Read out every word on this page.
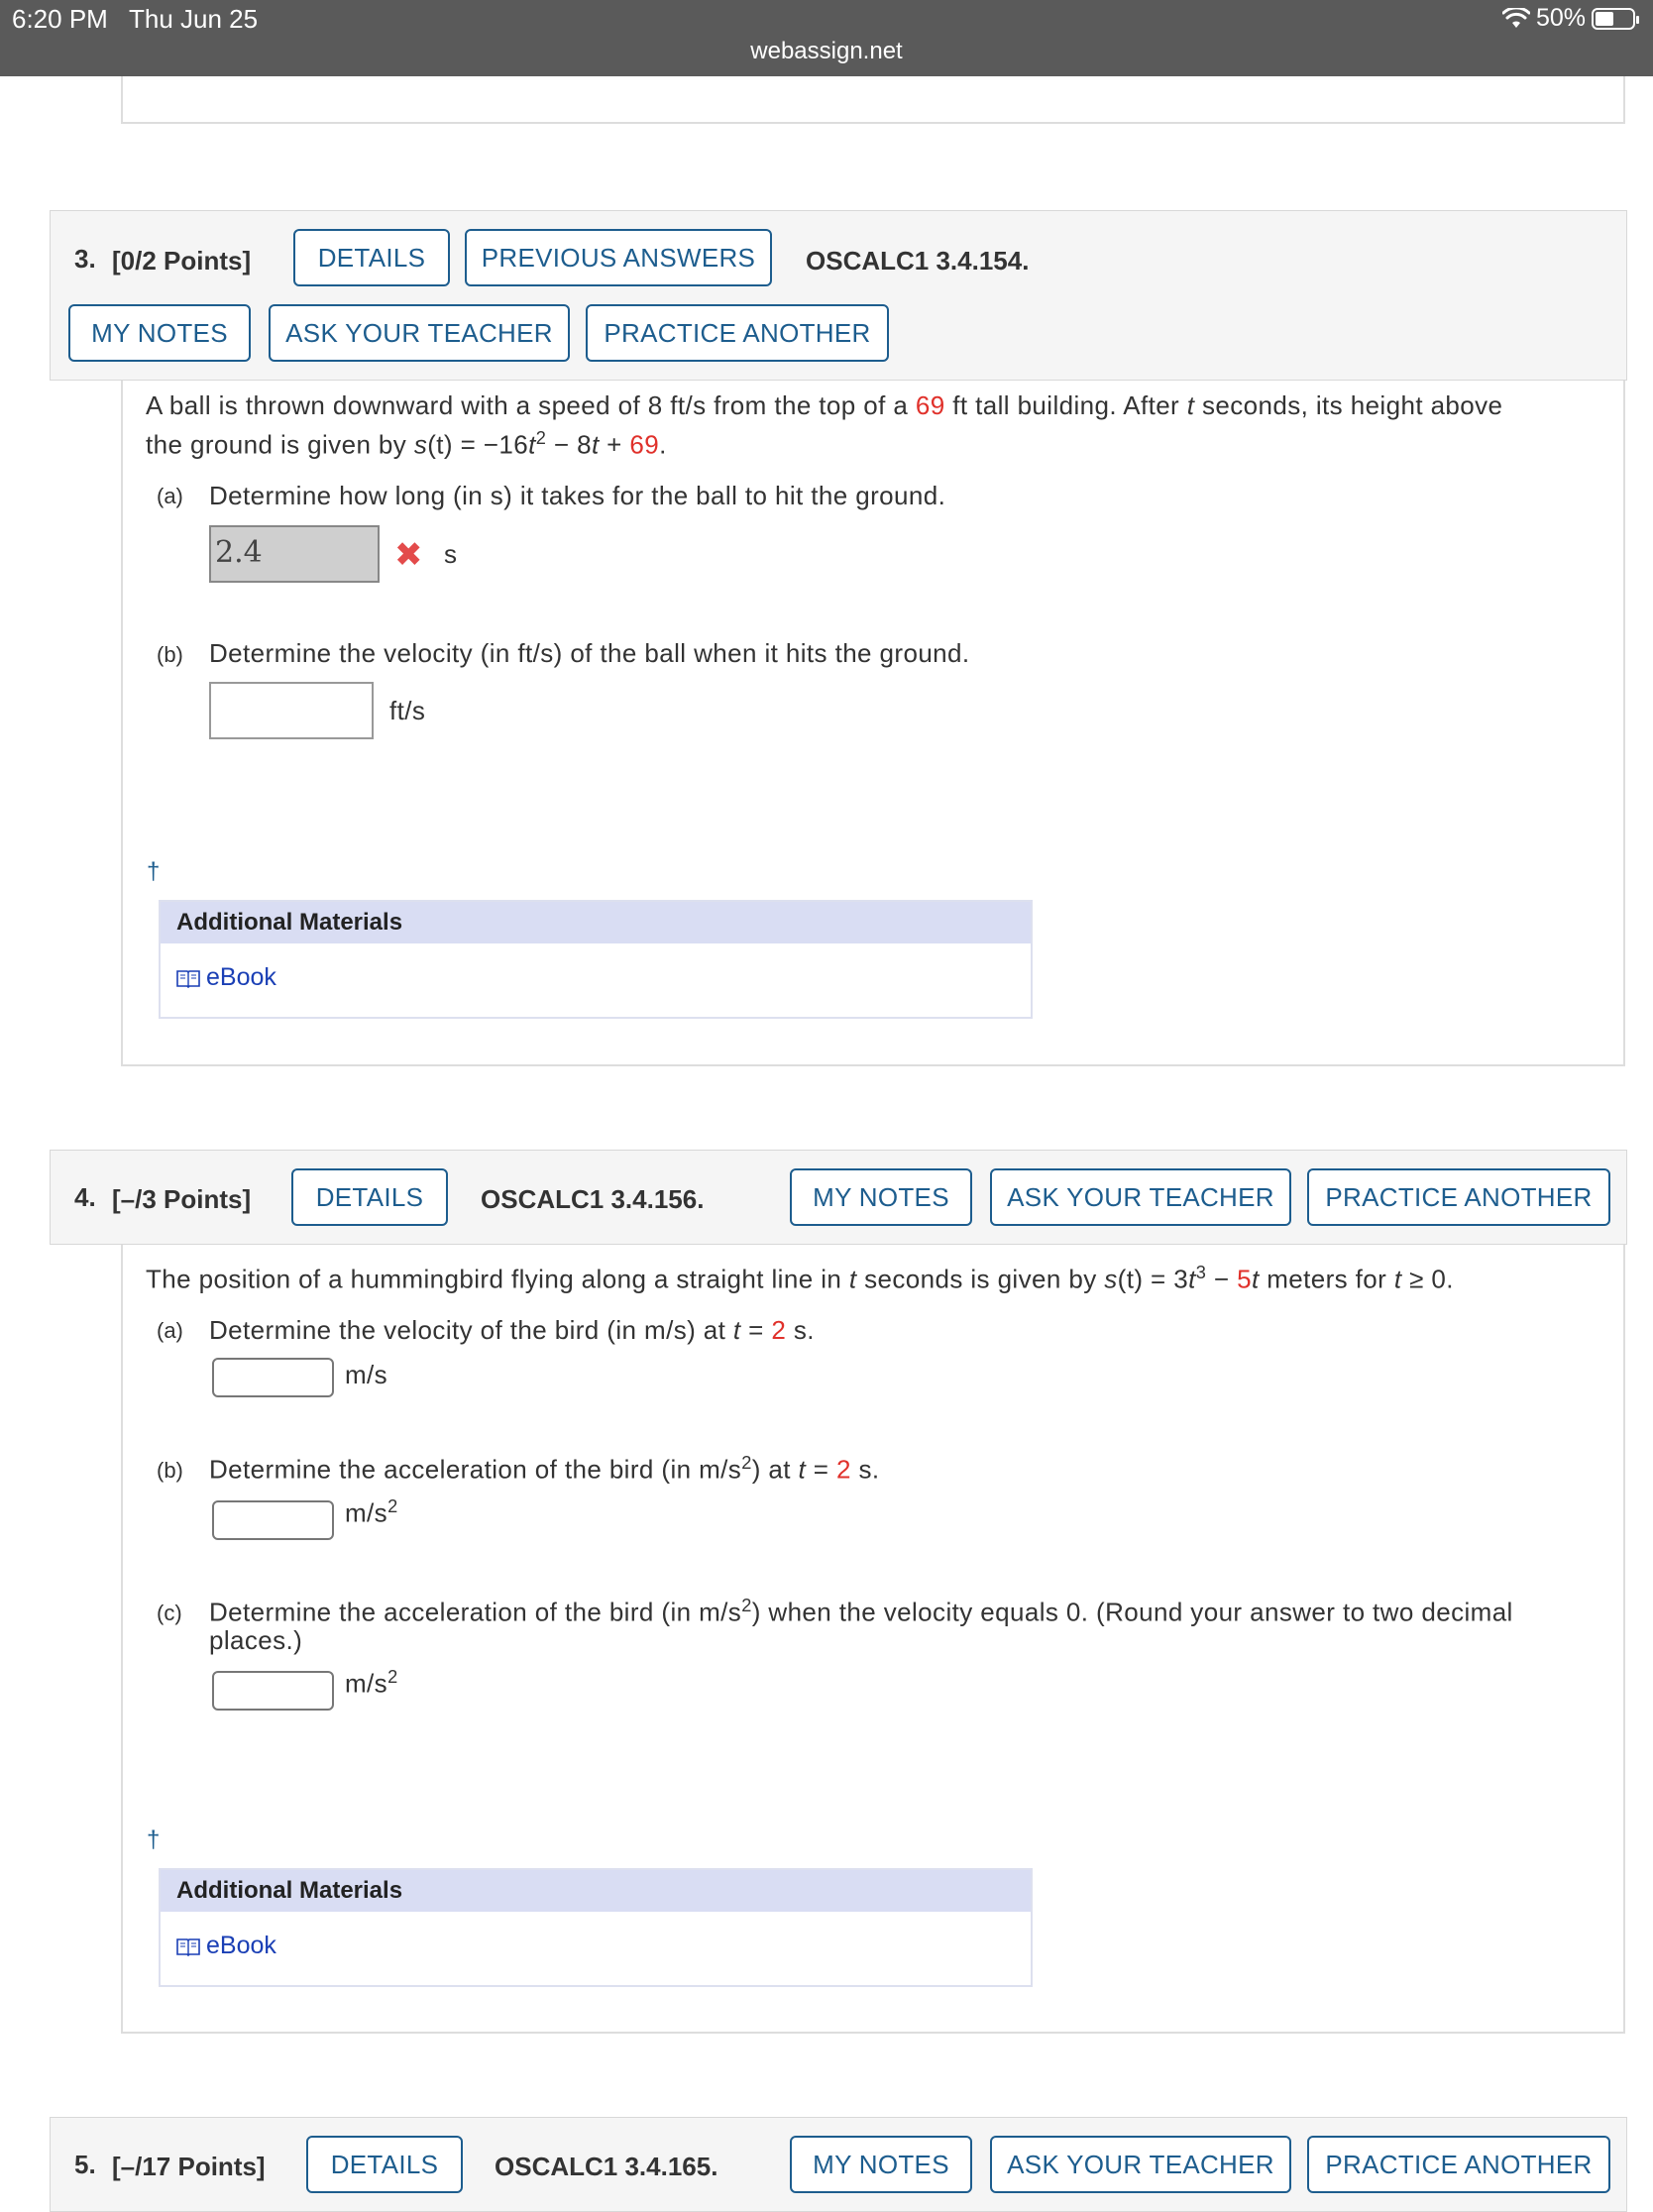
6:20 PM Thu Jun 25
webassign.net
50%
3. [0/2 Points]	DETAILS	PREVIOUS ANSWERS	OSCALC1 3.4.154.
MY NOTES	ASK YOUR TEACHER	PRACTICE ANOTHER
A ball is thrown downward with a speed of 8 ft/s from the top of a 69 ft tall building. After t seconds, its height above
the ground is given by $s(t) = -16t^2 - 8t + 69$.
(a) Determine how long (in s) it takes for the ball to hit the ground.
2.4	✖ s
(b) Determine the velocity (in ft/s) of the ball when it hits the ground.
ft/s
†
Additional Materials
eBook
4. [–/3 Points]	DETAILS	OSCALC1 3.4.156.	MY NOTES	ASK YOUR TEACHER	PRACTICE ANOTHER
The position of a hummingbird flying along a straight line in t seconds is given by $s(t) = 3t^3 - 5t$ meters for t ≥ 0.
(a) Determine the velocity of the bird (in m/s) at t = 2 s.
m/s
(b) Determine the acceleration of the bird (in $m/s^2$) at t = 2 s.
$m/s^2$
(c) Determine the acceleration of the bird (in $m/s^2$) when the velocity equals 0. (Round your answer to two decimal
places.)
$m/s^2$
†
Additional Materials
eBook
5. [–/17 Points]	DETAILS	OSCALC1 3.4.165.	MY NOTES	ASK YOUR TEACHER	PRACTICE ANOTHER
